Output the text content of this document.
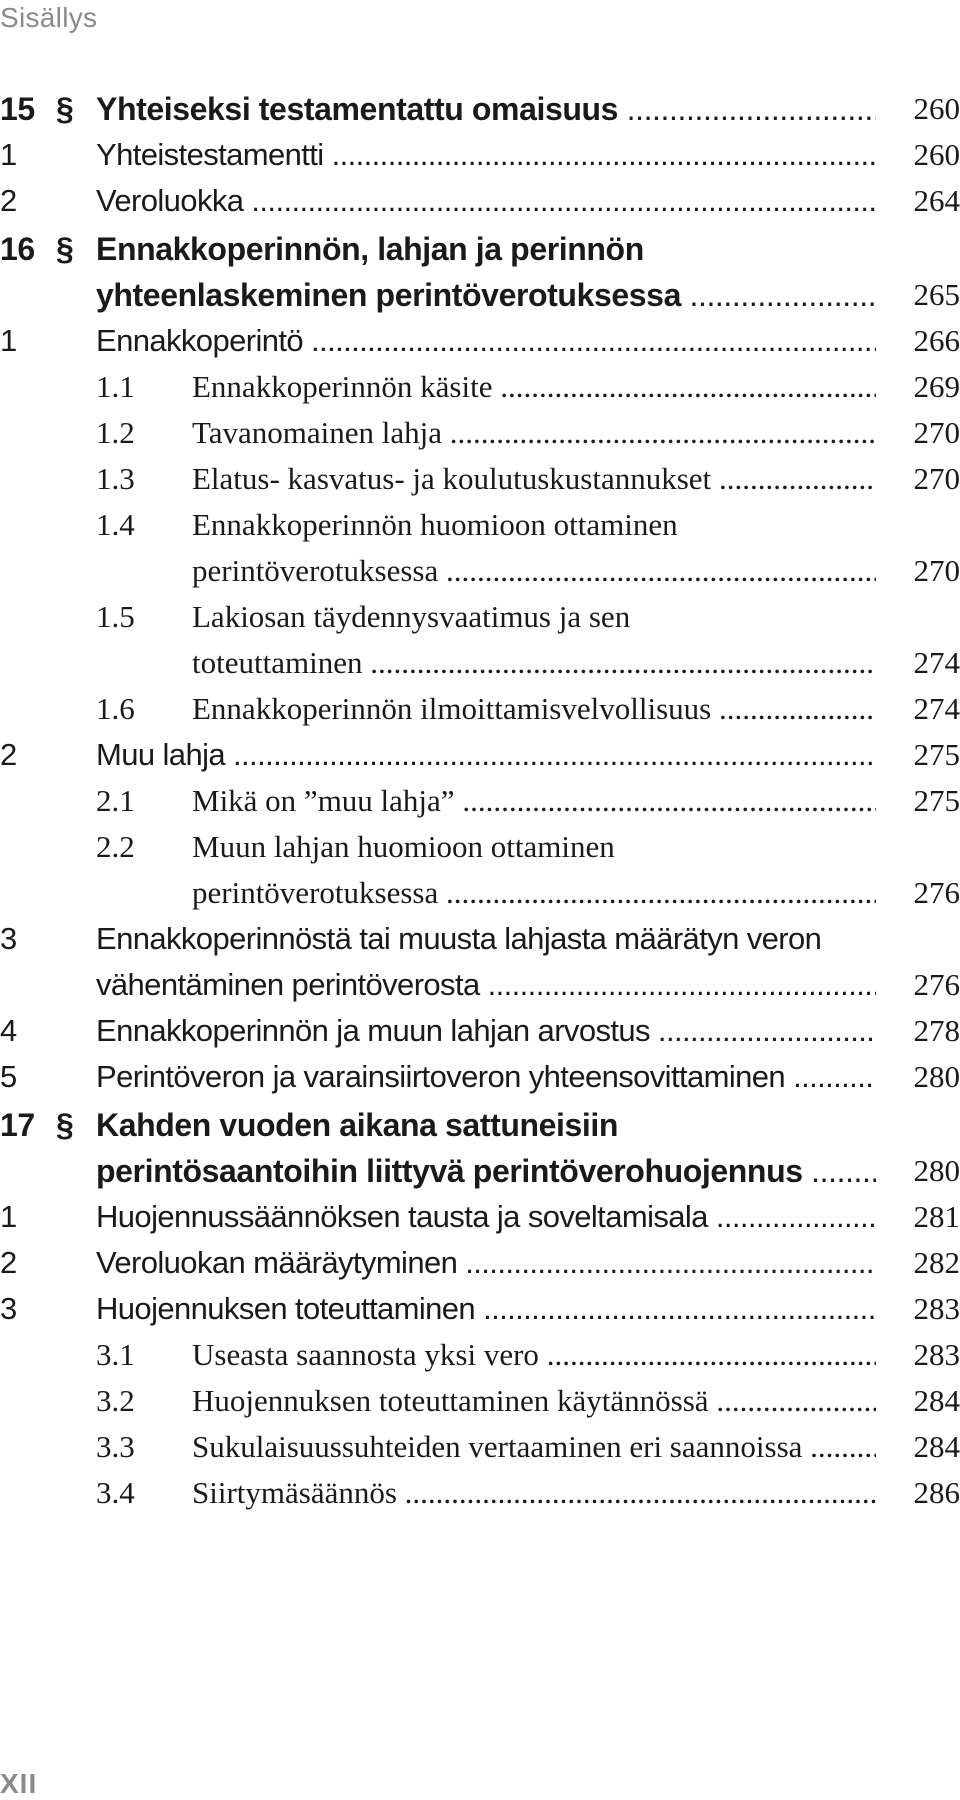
Sisällys
15 § Yhteiseksi testamentattu omaisuus .....	260
1	Yhteistestamentti .....	260
2	Veroluokka .....	264
16 § Ennakkoperinnön, lahjan ja perinnön
yhteenlaskeminen perintöverotuksessa .....	265
1	Ennakkoperintö .....	266
1.1 Ennakkoperinnön käsite .....	269
1.2 Tavanomainen lahja .....	270
1.3 Elatus- kasvatus- ja koulutuskustannukset .....	270
1.4 Ennakkoperinnön huomioon ottaminen
perintöverotuksessa .....	270
1.5 Lakiosan täydennysvaatimus ja sen
toteuttaminen .....	274
1.6 Ennakkoperinnön ilmoittamisvelvollisuus .....	274
2	Muu lahja .....	275
2.1 Mikä on ”muu lahja” .....	275
2.2 Muun lahjan huomioon ottaminen
perintöverotuksessa .....	276
3	Ennakkoperinnöstä tai muusta lahjasta määrätyn veron
vähentäminen perintöverosta .....	276
4	Ennakkoperinnön ja muun lahjan arvostus .....	278
5	Perintöveron ja varainsiirtoveron yhteensovittaminen .....	280
17 § Kahden vuoden aikana sattuneisiin
perintösaantoihin liittyvä perintöverohuojennus .....	280
1	Huojennussäännöksen tausta ja soveltamisala .....	281
2	Veroluokan määräytyminen .....	282
3	Huojennuksen toteuttaminen .....	283
3.1 Useasta saannosta yksi vero .....	283
3.2 Huojennuksen toteuttaminen käytännössä .....	284
3.3 Sukulaisuussuhteiden vertaaminen eri saannoissa .....	284
3.4 Siirtymäsäännös .....	286
XII
